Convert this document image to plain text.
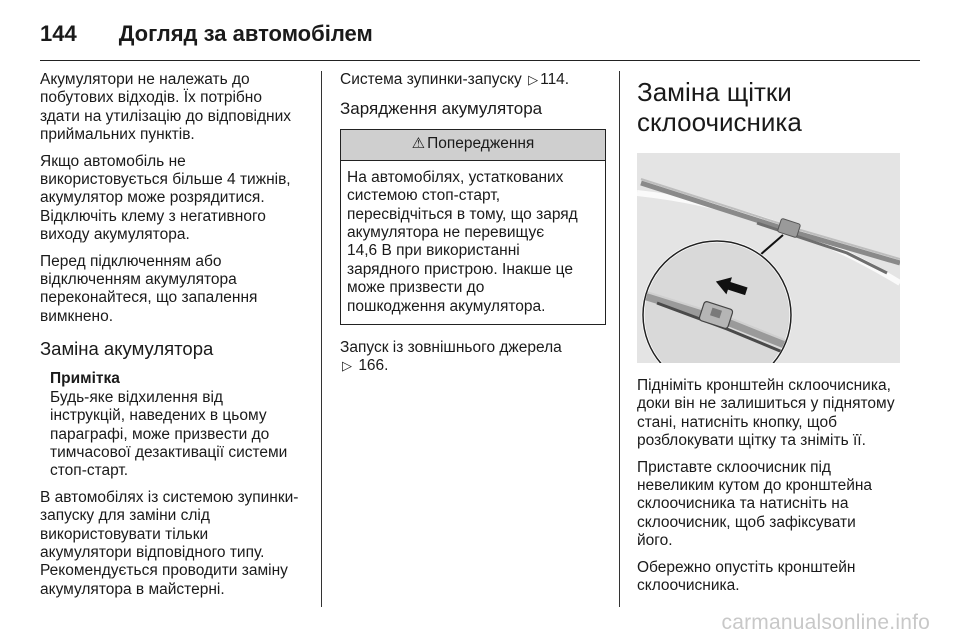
144 Догляд за автомобілем

Акумулятори не належать до
побутових відходів. Їх потрібно
здати на утилізацію до відповідних
приймальних пунктів.

Якщо автомобіль не
використовується більше 4 тижнів,
акумулятор може розрядитися.
Відключіть клему з негативного
виходу акумулятора.

Перед підключенням або
відключенням акумулятора
переконайтеся, що запалення
вимкнено.

Заміна акумулятора
Примітка
Будь-яке відхилення від
інструкцій, наведених в цьому
параграфі, може призвести до
тимчасової дезактивації системи
стоп-старт.

В автомобілях із системою зупинки-
запуску для заміни слід
використовувати тільки
акумулятори відповідного типу.
Рекомендується проводити заміну
акумулятора в майстерні.

Система зупинки-запуску ▷ 114.

Зарядження акумулятора
⚠ Попередження
На автомобілях, устаткованих
системою стоп-старт,
пересвідчіться в тому, що заряд
акумулятора не перевищує
14,6 В при використанні
зарядного пристрою. Інакше це
може призвести до
пошкодження акумулятора.

Запуск із зовнішнього джерела
▷ 166.

Заміна щітки
склоочисника

Підніміть кронштейн склоочисника,
доки він не залишиться у піднятому
стані, натисніть кнопку, щоб
розблокувати щітку та зніміть її.

Приставте склоочисник під
невеликим кутом до кронштейна
склоочисника та натисніть на
склоочисник, щоб зафіксувати
його.

Обережно опустіть кронштейн
склоочисника.

carmanualsonline.info
